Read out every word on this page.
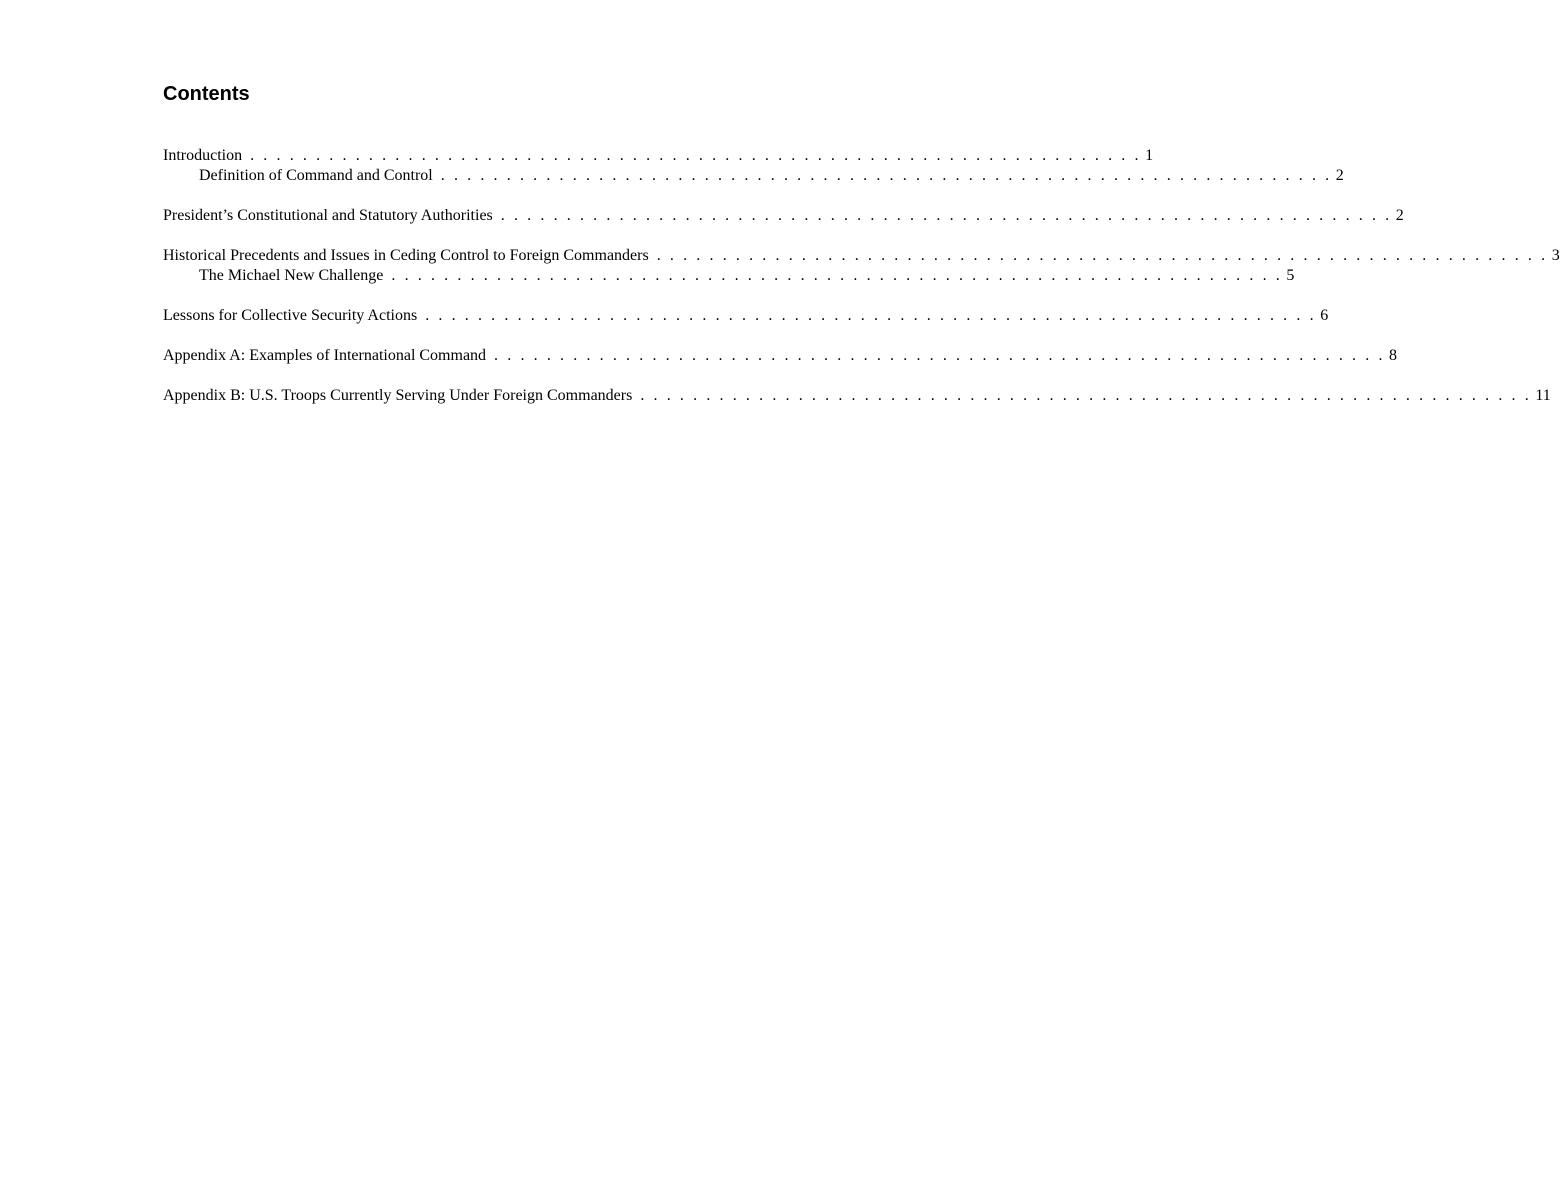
Contents
Introduction . . . . . . . . . . . . . . . . . . . . . . . . . . . . . . . . . . . . . . . . . . . . . . . . . . . . . . . . . . . . . . . . . . . . 1
Definition of Command and Control . . . . . . . . . . . . . . . . . . . . . . . . . . . . . . . . . . . . . . . . . . . . . . . . . . . . . . . . . . . . . . . . . . . . 2
President’s Constitutional and Statutory Authorities . . . . . . . . . . . . . . . . . . . . . . . . . . . . . . . . . . . . . . . . . . . . . . . . . . . . . . . . . . . . . . . . . . . . 2
Historical Precedents and Issues in Ceding Control to Foreign Commanders . . . . . . . . . . . . . . . . . . . . . . . . . . . . . . . . . . . . . . . . . . . . . . . . . . . . . . . . . . . . . . . . . . . . 3
The Michael New Challenge . . . . . . . . . . . . . . . . . . . . . . . . . . . . . . . . . . . . . . . . . . . . . . . . . . . . . . . . . . . . . . . . . . . . 5
Lessons for Collective Security Actions . . . . . . . . . . . . . . . . . . . . . . . . . . . . . . . . . . . . . . . . . . . . . . . . . . . . . . . . . . . . . . . . . . . . 6
Appendix A: Examples of International Command . . . . . . . . . . . . . . . . . . . . . . . . . . . . . . . . . . . . . . . . . . . . . . . . . . . . . . . . . . . . . . . . . . . . 8
Appendix B: U.S. Troops Currently Serving Under Foreign Commanders . . . . . . . . . . . . . . . . . . . . . . . . . . . . . . . . . . . . . . . . . . . . . . . . . . . . . . . . . . . . . . . . . . . . 11
